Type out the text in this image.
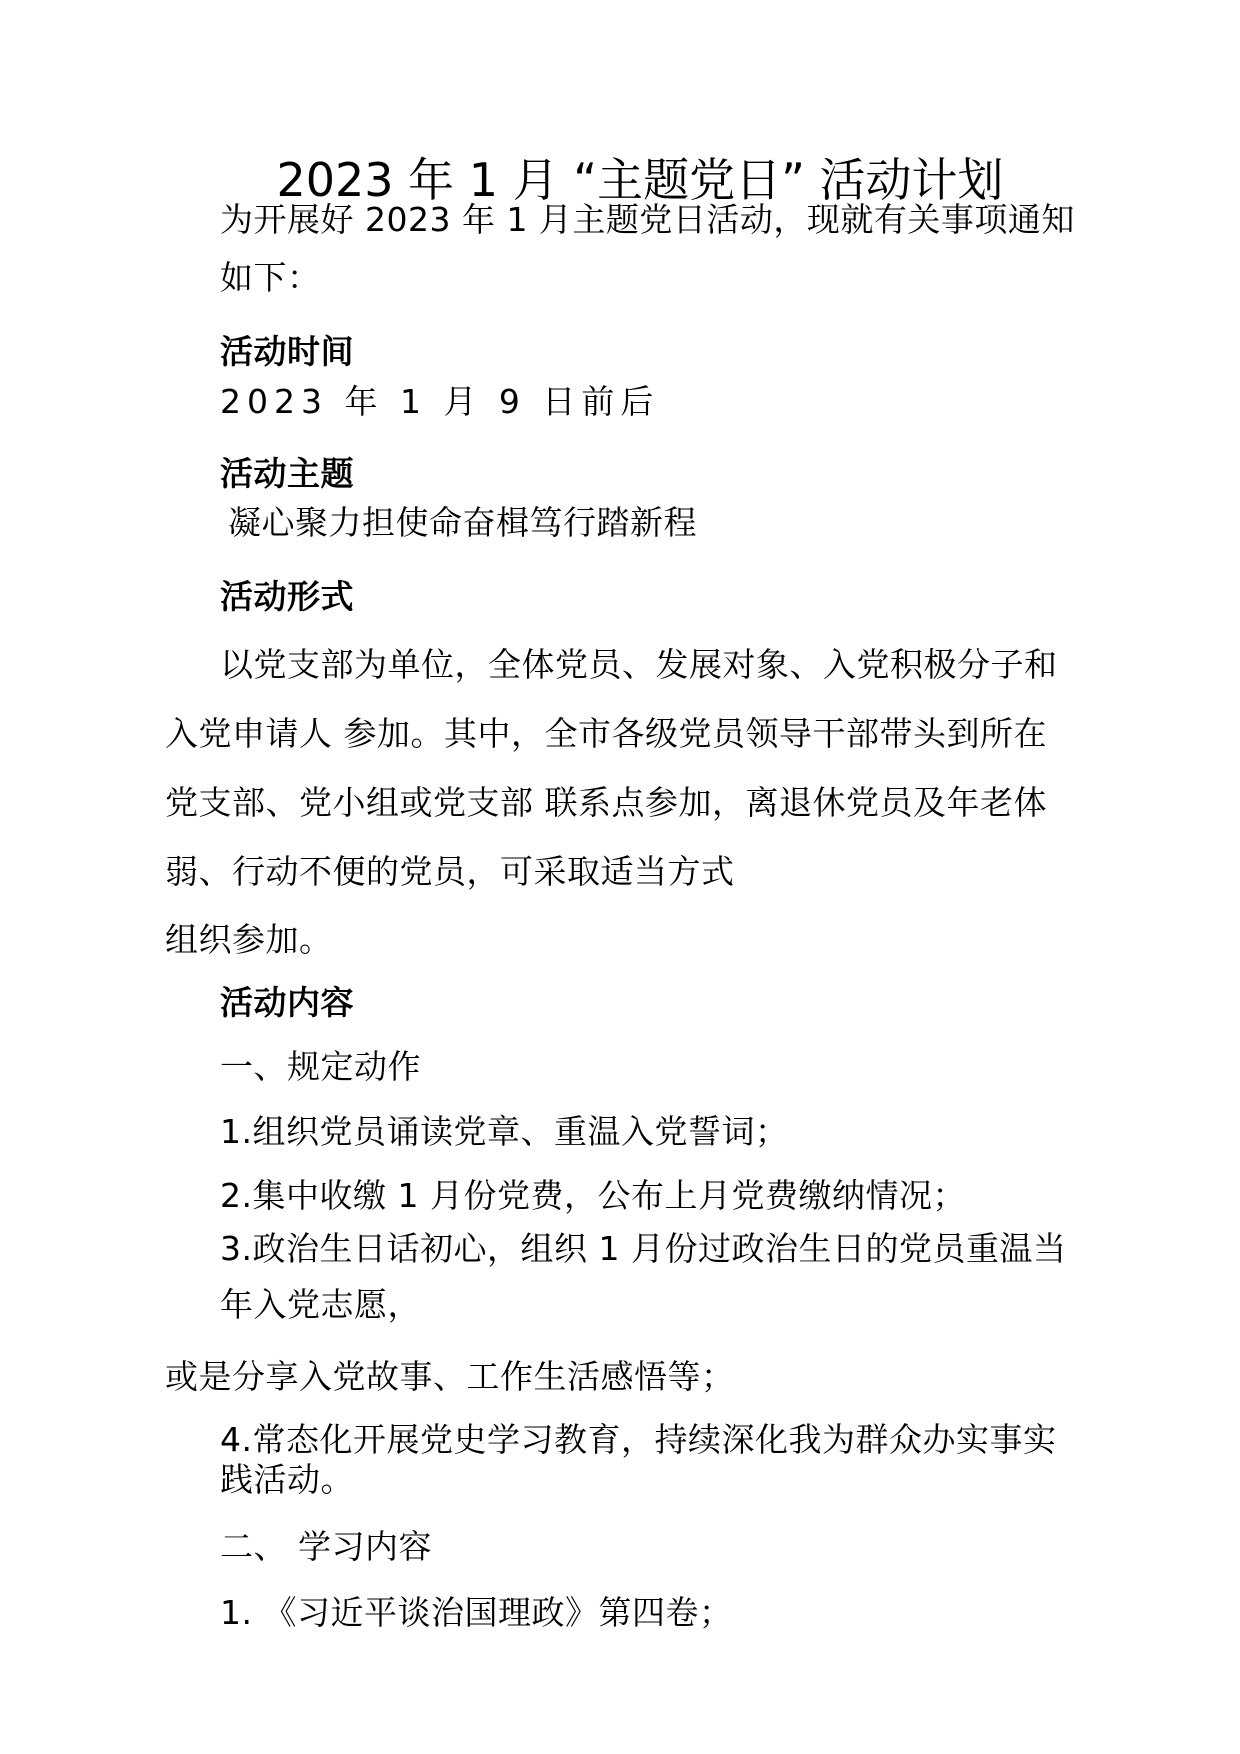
2023 年 1 月 “主题党日” 活动计划
为开展好 2023 年 1 月主题党日活动，现就有关事项通知
如下：
活动时间
2023 年 1 月 9 日前后
活动主题
凝心聚力担使命奋楫笃行踏新程
活动形式
以党支部为单位，全体党员、发展对象、入党积极分子和
入党申请人 参加。其中，全市各级党员领导干部带头到所在
党支部、党小组或党支部 联系点参加，离退休党员及年老体
弱、行动不便的党员，可采取适当方式
组织参加。
活动内容
一、规定动作
1.组织党员诵读党章、重温入党誓词；
2.集中收缴 1 月份党费，公布上月党费缴纳情况；
3.政治生日话初心，组织 1 月份过政治生日的党员重温当
年入党志愿，
或是分享入党故事、工作生活感悟等；
4.常态化开展党史学习教育，持续深化我为群众办实事实
践活动。
二、 学习内容
1. 《习近平谈治国理政》第四卷；
